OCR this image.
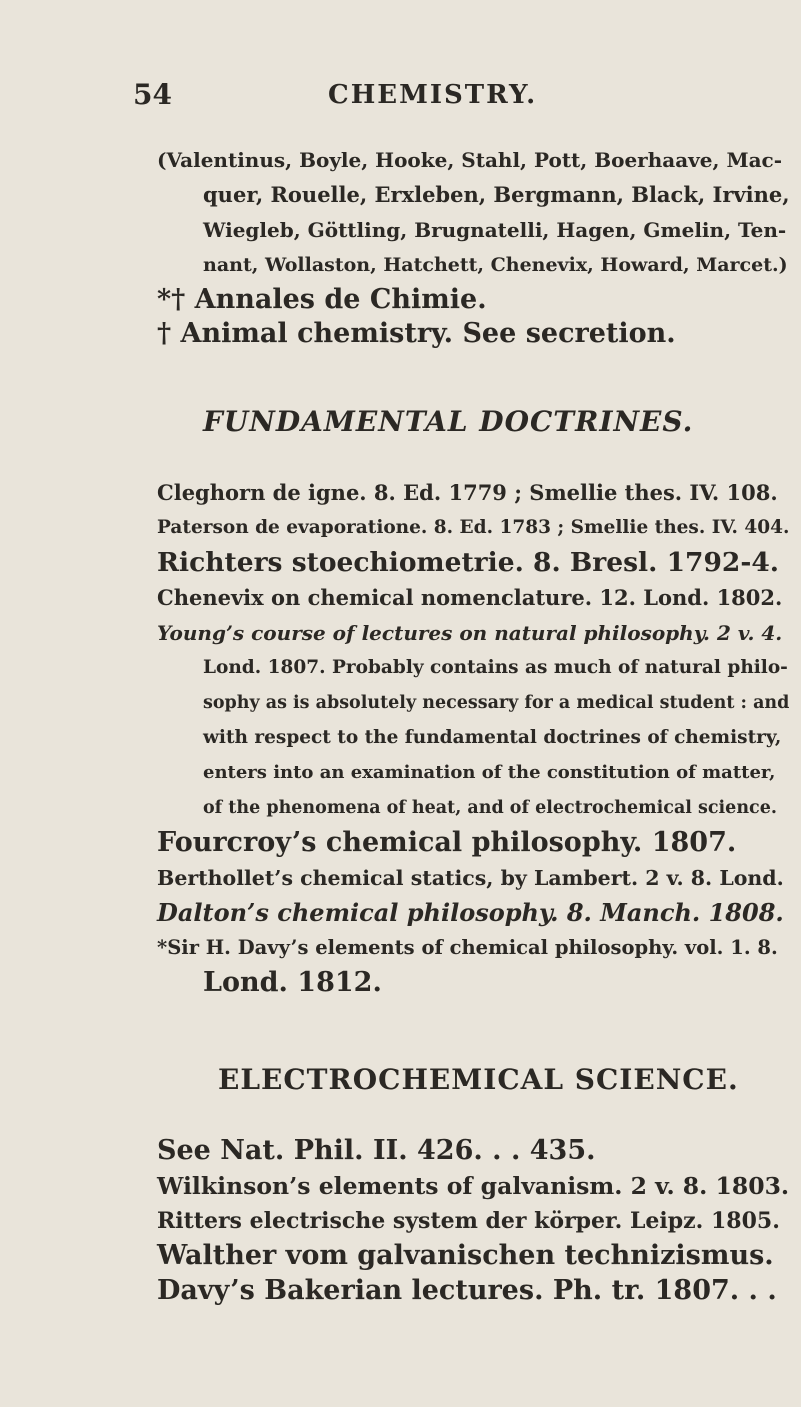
54	CHEMISTRY.
(Valentinus, Boyle, Hooke, Stahl, Pott, Boerhaave, Mac-
quer, Rouelle, Erxleben, Bergmann, Black, Irvine,
Wiegleb, Göttling, Brugnatelli, Hagen, Gmelin, Ten-
nant, Wollaston, Hatchett, Chenevix, Howard, Marcet.)
*† Annales de Chimie.
† Animal chemistry. See secretion.
FUNDAMENTAL DOCTRINES.
Cleghorn de igne. 8. Ed. 1779 ; Smellie thes. IV. 108.
Paterson de evaporatione. 8. Ed. 1783 ; Smellie thes. IV. 404.
Richters stoechiometrie. 8. Bresl. 1792-4.
Chenevix on chemical nomenclature. 12. Lond. 1802.
Young’s course of lectures on natural philosophy. 2 v. 4.
Lond. 1807. Probably contains as much of natural philo-
sophy as is absolutely necessary for a medical student : and
with respect to the fundamental doctrines of chemistry,
enters into an examination of the constitution of matter,
of the phenomena of heat, and of electrochemical science.
Fourcroy’s chemical philosophy. 1807.
Berthollet’s chemical statics, by Lambert. 2 v. 8. Lond.
Dalton’s chemical philosophy. 8. Manch. 1808.
*Sir H. Davy’s elements of chemical philosophy. vol. 1. 8.
Lond. 1812.
ELECTROCHEMICAL SCIENCE.
See Nat. Phil. II. 426. . . 435.
Wilkinson’s elements of galvanism. 2 v. 8. 1803.
Ritters electrische system der körper. Leipz. 1805.
Walther vom galvanischen technizismus.
Davy’s Bakerian lectures. Ph. tr. 1807. . .
